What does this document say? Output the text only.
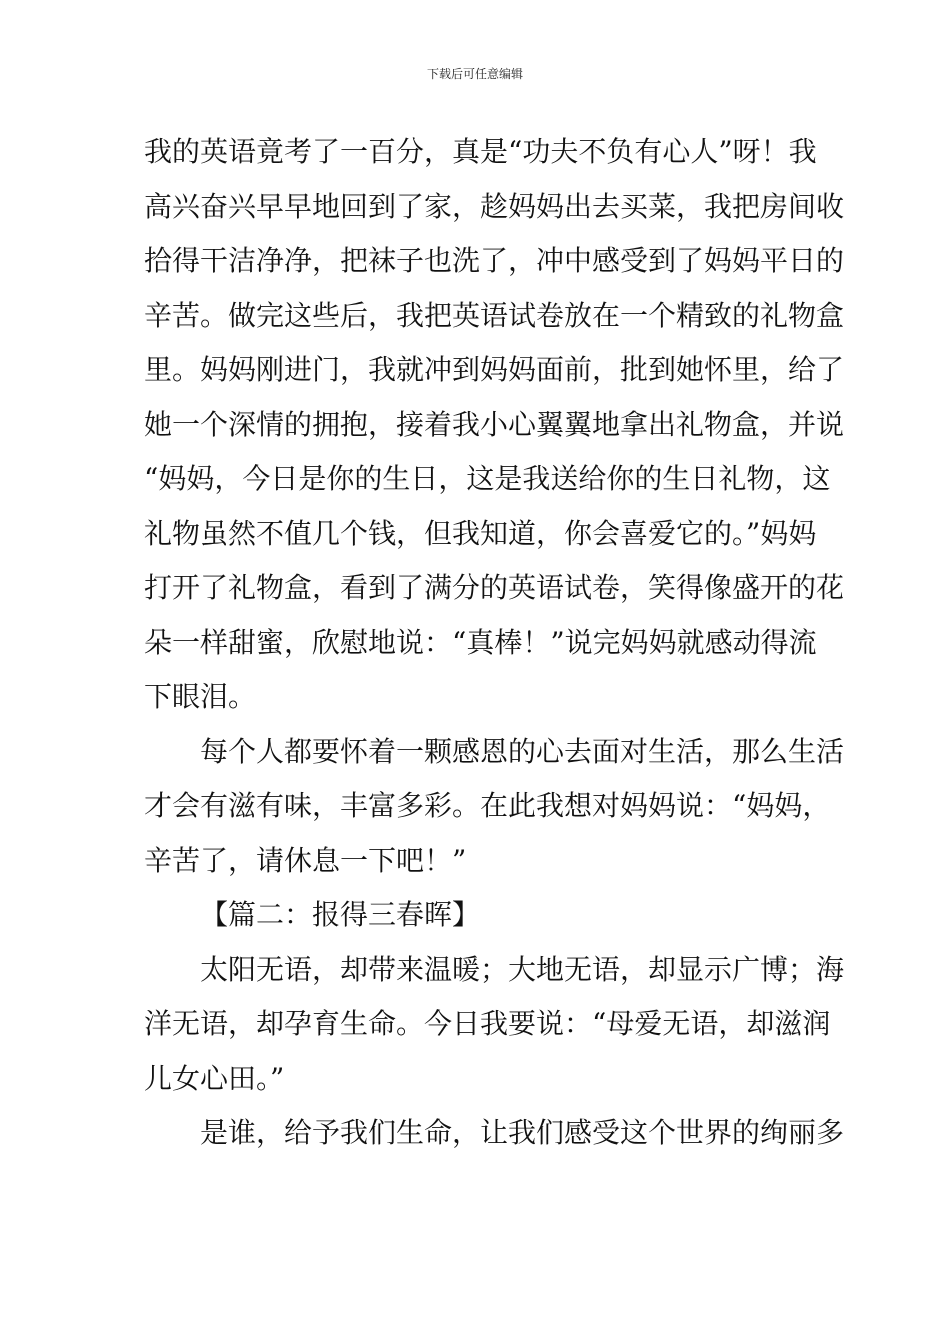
下载后可任意编辑
我的英语竟考了一百分，真是“功夫不负有心人”呀！我
高兴奋兴早早地回到了家，趁妈妈出去买菜，我把房间收
拾得干洁净净，把袜子也洗了，冲中感受到了妈妈平日的
辛苦。做完这些后，我把英语试卷放在一个精致的礼物盒
里。妈妈刚进门，我就冲到妈妈面前，批到她怀里，给了
她一个深情的拥抱，接着我小心翼翼地拿出礼物盒，并说
“妈妈，今日是你的生日，这是我送给你的生日礼物，这
礼物虽然不值几个钱，但我知道，你会喜爱它的。”妈妈
打开了礼物盒，看到了满分的英语试卷，笑得像盛开的花
朵一样甜蜜，欣慰地说：“真棒！”说完妈妈就感动得流
下眼泪。
每个人都要怀着一颗感恩的心去面对生活，那么生活
才会有滋有味，丰富多彩。在此我想对妈妈说：“妈妈，
辛苦了，请休息一下吧！”
【篇二：报得三春晖】
太阳无语，却带来温暖；大地无语，却显示广博；海
洋无语，却孕育生命。今日我要说：“母爱无语，却滋润
儿女心田。”
是谁，给予我们生命，让我们感受这个世界的绚丽多
